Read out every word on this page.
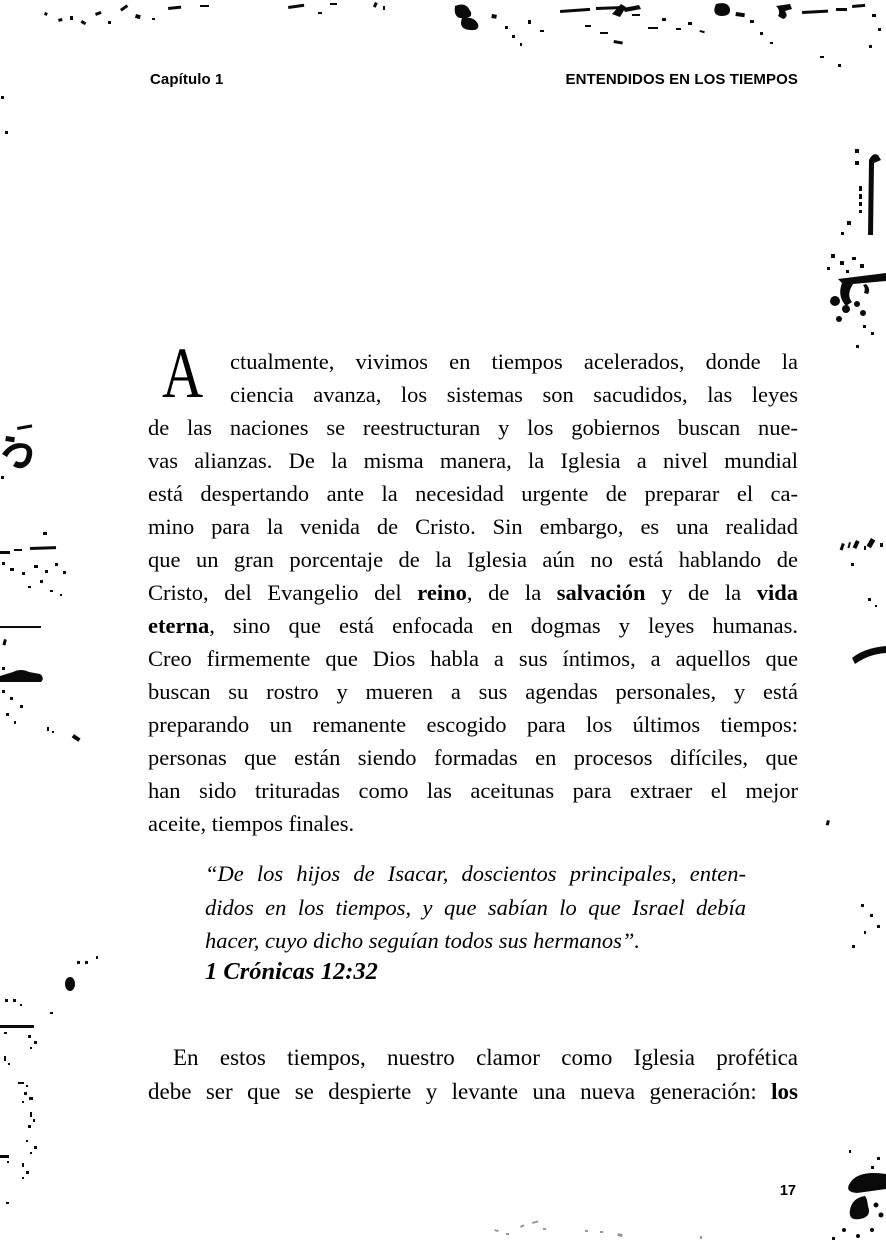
Capítulo 1	ENTENDIDOS EN LOS TIEMPOS
A	ctualmente, vivimos en tiempos acelerados, donde la
ciencia avanza, los sistemas son sacudidos, las leyes
de las naciones se reestructuran y los gobiernos buscan nue-
vas alianzas. De la misma manera, la Iglesia a nivel mundial
está despertando ante la necesidad urgente de preparar el ca-
mino para la venida de Cristo. Sin embargo, es una realidad
que un gran porcentaje de la Iglesia aún no está hablando de
Cristo, del Evangelio del reino, de la salvación y de la vida
eterna, sino que está enfocada en dogmas y leyes humanas.
Creo firmemente que Dios habla a sus íntimos, a aquellos que
buscan su rostro y mueren a sus agendas personales, y está
preparando un remanente escogido para los últimos tiempos:
personas que están siendo formadas en procesos difíciles, que
han sido trituradas como las aceitunas para extraer el mejor
aceite, tiempos finales.
“De los hijos de Isacar, doscientos principales, enten-
didos en los tiempos, y que sabían lo que Israel debía
hacer, cuyo dicho seguían todos sus hermanos”.
1 Crónicas 12:32
En estos tiempos, nuestro clamor como Iglesia profética
debe ser que se despierte y levante una nueva generación: los
17
